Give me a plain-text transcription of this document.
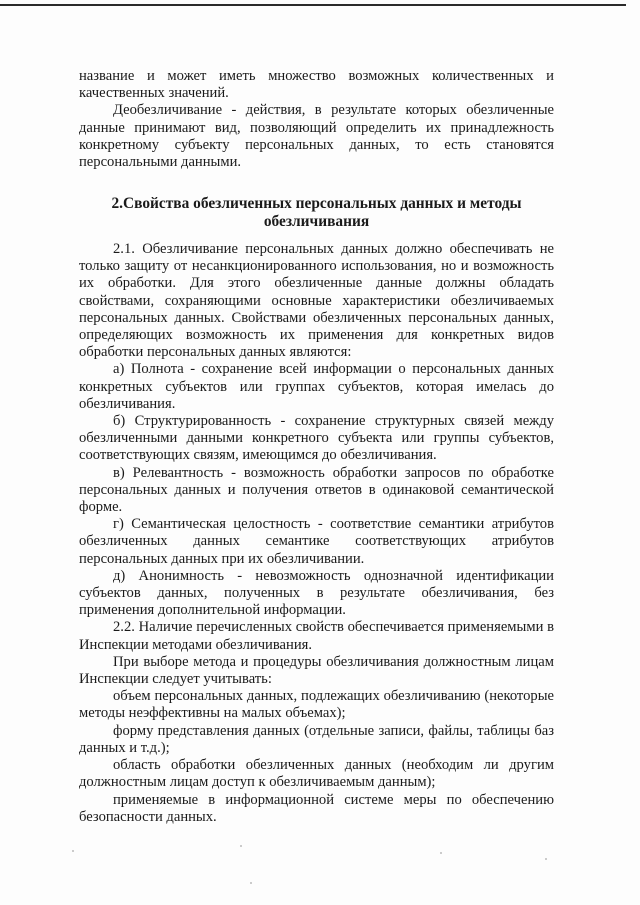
название и может иметь множество возможных количественных и качественных значений.

Деобезличивание - действия, в результате которых обезличенные данные принимают вид, позволяющий определить их принадлежность конкретному субъекту персональных данных, то есть становятся персональными данными.

2.Свойства обезличенных персональных данных и методы

обезличивания

2.1. Обезличивание персональных данных должно обеспечивать не только защиту от несанкционированного использования, но и возможность их обработки. Для этого обезличенные данные должны обладать свойствами, сохраняющими основные характеристики обезличиваемых персональных данных. Свойствами обезличенных персональных данных, определяющих возможность их применения для конкретных видов обработки персональных данных являются:

а) Полнота - сохранение всей информации о персональных данных конкретных субъектов или группах субъектов, которая имелась до обезличивания.

б) Структурированность - сохранение структурных связей между обезличенными данными конкретного субъекта или группы субъектов, соответствующих связям, имеющимся до обезличивания.

в) Релевантность - возможность обработки запросов по обработке персональных данных и получения ответов в одинаковой семантической форме.

г) Семантическая целостность - соответствие семантики атрибутов обезличенных данных семантике соответствующих атрибутов персональных данных при их обезличивании.

д) Анонимность - невозможность однозначной идентификации субъектов данных, полученных в результате обезличивания, без применения дополнительной информации.

2.2. Наличие перечисленных свойств обеспечивается применяемыми в Инспекции методами обезличивания.

При выборе метода и процедуры обезличивания должностным лицам Инспекции следует учитывать:

объем персональных данных, подлежащих обезличиванию (некоторые методы неэффективны на малых объемах);

форму представления данных (отдельные записи, файлы, таблицы баз данных и т.д.);

область обработки обезличенных данных (необходим ли другим должностным лицам доступ к обезличиваемым данным);

применяемые в информационной системе меры по обеспечению безопасности данных.
